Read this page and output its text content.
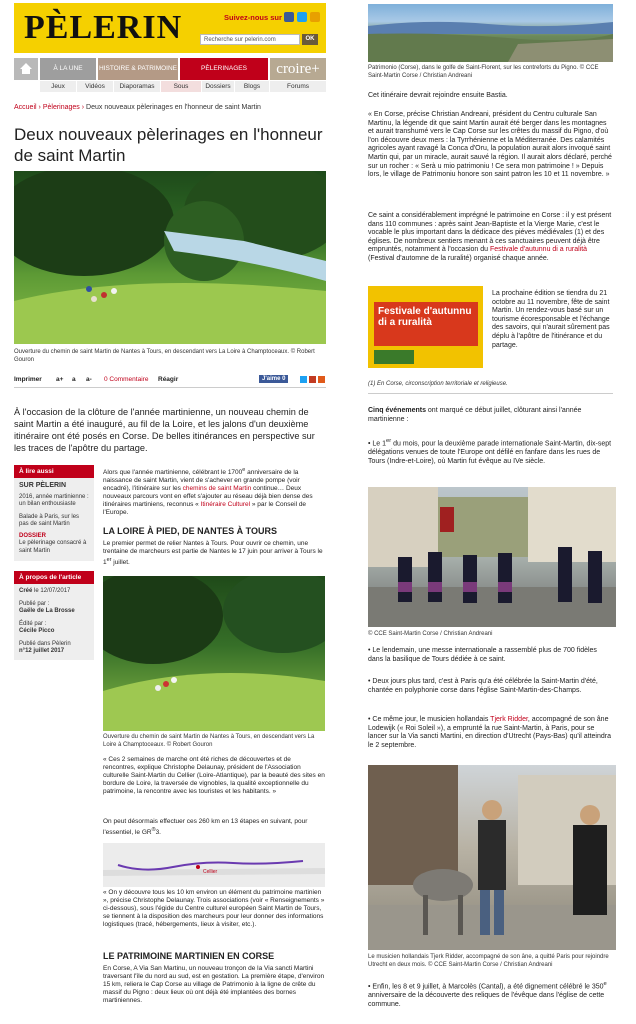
PÈLERIN	Suivez-nous sur
Recherche sur pelerin.com	OK
À LA UNE	HISTOIRE & PATRIMOINE	PÈLERINAGES	croire+
Jeux	Vidéos	Diaporamas	Sous	Dossiers	Blogs	Forums
Accueil › Pèlerinages › Deux nouveaux pèlerinages en l'honneur de saint Martin
Deux nouveaux pèlerinages en l'honneur de saint Martin
Ouverture du chemin de saint Martin de Nantes à Tours, en descendant vers La Loire à Champtoceaux. © Robert Gouron
Imprimer a+ a a- 0 Commentaire Réagir	J'aime 0
À l'occasion de la clôture de l'année martinienne, un nouveau chemin de saint Martin a été inauguré, au fil de la Loire, et les jalons d'un deuxième itinéraire ont été posés en Corse. De belles itinérances en perspective sur les traces de l'apôtre du partage.
À lire aussi
SUR PÈLERIN
2016, année martinienne : un bilan enthousiaste
Balade à Paris, sur les pas de saint Martin
DOSSIER
Le pèlerinage consacré à saint Martin
À propos de l'article
Créé le 12/07/2017
Publié par :
Gaële de La Brosse
Édité par :
Cécile Picco
Publié dans Pèlerin
n°12 juillet 2017
Alors que l'année martinienne, célébrant le 1700e anniversaire de la naissance de saint Martin, vient de s'achever en grande pompe (voir encadré), l'itinéraire sur les chemins de saint Martin continue… Deux nouveaux parcours vont en effet s'ajouter au réseau déjà bien dense des itinéraires martiniens, reconnus « Itinéraire Culturel » par le Conseil de l'Europe.
LA LOIRE À PIED, DE NANTES À TOURS
Le premier permet de relier Nantes à Tours. Pour ouvrir ce chemin, une trentaine de marcheurs est partie de Nantes le 17 juin pour arriver à Tours le 1er juillet.
Ouverture du chemin de saint Martin de Nantes à Tours, en descendant vers La Loire à Champtoceaux. © Robert Gouron
« Ces 2 semaines de marche ont été riches de découvertes et de rencontres, explique Christophe Delaunay, président de l'Association culturelle Saint-Martin du Cellier (Loire-Atlantique), par la beauté des sites en bordure de Loire, la traversée de vignobles, la qualité exceptionnelle du patrimoine, la rencontre avec les touristes et les habitants. »
On peut désormais effectuer ces 260 km en 13 étapes en suivant, pour l'essentiel, le GR®3.
Cellier
« On y découvre tous les 10 km environ un élément du patrimoine martinien », précise Christophe Delaunay. Trois associations (voir « Renseignements » ci-dessous), sous l'égide du Centre culturel européen Saint Martin de Tours, se tiennent à la disposition des marcheurs pour leur donner des informations logistiques (tracé, hébergements, lieux à visiter, etc.).
LE PATRIMOINE MARTINIEN EN CORSE
En Corse, A Via San Martinu, un nouveau tronçon de la Via sancti Martini traversant l'île du nord au sud, est en gestation. La première étape, d'environ 15 km, reliera le Cap Corse au village de Patrimonio à la ligne de crête du massif du Pigno : deux lieux où ont déjà été implantées des bornes martiniennes.
Patrimonio (Corse), dans le golfe de Saint-Florent, sur les contreforts du Pigno. © CCE Saint-Martin Corse / Christian Andreani
Cet itinéraire devrait rejoindre ensuite Bastia.
« En Corse, précise Christian Andreani, président du Centru culturale San Martinu, la légende dit que saint Martin aurait été berger dans les montagnes et aurait transhumé vers le Cap Corse sur les crêtes du massif du Pigno, d'où l'on découvre deux mers : la Tyrrhénienne et la Méditerranée. Des calamités agricoles ayant ravagé la Conca d'Oru, la population aurait alors invoqué saint Martin qui, par un miracle, aurait sauvé la région. Il aurait alors déclaré, perché sur un rocher : « Serà u mio patrimoniu ! Ce sera mon patrimoine ! » Depuis lors, le village de Patrimoniu honore son saint patron les 10 et 11 novembre. »
Ce saint a considérablement imprégné le patrimoine en Corse : il y est présent dans 110 communes : après saint Jean-Baptiste et la Vierge Marie, c'est le vocable le plus important dans la dédicace des piéves médiévales (1) et des églises. De nombreux sentiers menant à ces sanctuaires peuvent déjà être empruntés, notamment à l'occasion du Festivale d'autunnu di a ruralità (Festival d'automne de la ruralité) organisé chaque année.
Festivale d'autunnu di a ruralità
La prochaine édition se tiendra du 21 octobre au 11 novembre, fête de saint Martin. Un rendez-vous basé sur un tourisme écoresponsable et l'échange des savoirs, qui n'aurait sûrement pas déplu à l'apôtre de l'itinérance et du partage.
(1) En Corse, circonscription territoriale et religieuse.
Cinq événements ont marqué ce début juillet, clôturant ainsi l'année martinienne :
• Le 1er du mois, pour la deuxième parade internationale Saint-Martin, dix-sept délégations venues de toute l'Europe ont défilé en fanfare dans les rues de Tours (Indre-et-Loire), où Martin fut évêque au IVe siècle.
© CCE Saint-Martin Corse / Christian Andreani
• Le lendemain, une messe internationale a rassemblé plus de 700 fidèles dans la basilique de Tours dédiée à ce saint.
• Deux jours plus tard, c'est à Paris qu'a été célébrée la Saint-Martin d'été, chantée en polyphonie corse dans l'église Saint-Martin-des-Champs.
• Ce même jour, le musicien hollandais Tjerk Ridder, accompagné de son âne Lodewijk (« Roi Soleil »), a emprunté la rue Saint-Martin, à Paris, pour se lancer sur la Via sancti Martini, en direction d'Utrecht (Pays-Bas) qu'il atteindra le 2 septembre.
Le musicien hollandais Tjerk Ridder, accompagné de son âne, a quitté Paris pour rejoindre Utrecht en deux mois. © CCE Saint-Martin Corse / Christian Andreani
• Enfin, les 8 et 9 juillet, à Marcolès (Cantal), a été dignement célébré le 350e anniversaire de la découverte des reliques de l'évêque dans l'église de cette commune.
